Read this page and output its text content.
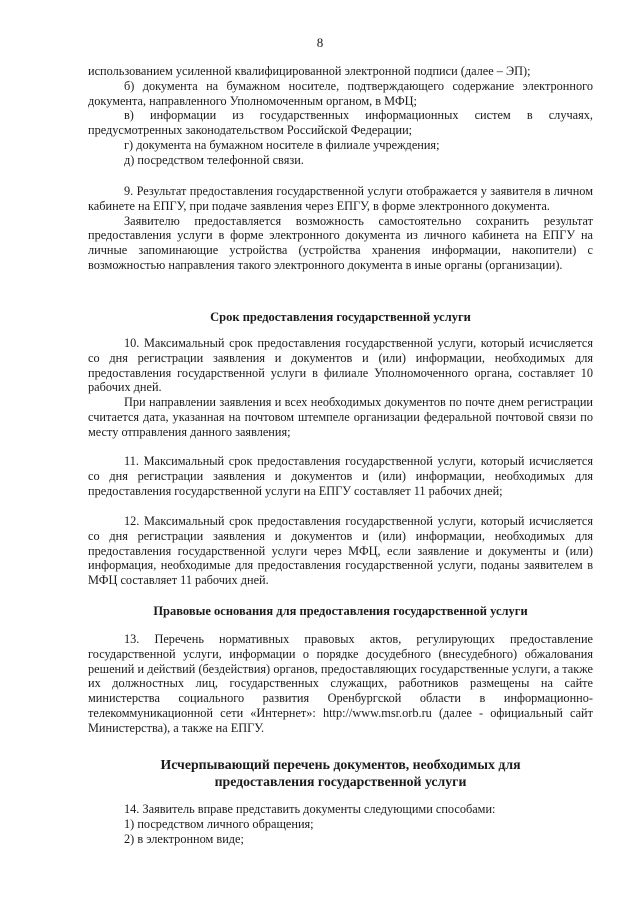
8

использованием усиленной квалифицированной электронной подписи (далее – ЭП);

б) документа на бумажном носителе, подтверждающего содержание электронного документа, направленного Уполномоченным органом, в МФЦ;

в) информации из государственных информационных систем в случаях, предусмотренных законодательством Российской Федерации;

г) документа на бумажном носителе в филиале учреждения;

д) посредством телефонной связи.

9. Результат предоставления государственной услуги отображается у заявителя в личном кабинете на ЕПГУ, при подаче заявления через ЕПГУ, в форме электронного документа.

Заявителю предоставляется возможность самостоятельно сохранить результат предоставления услуги в форме электронного документа из личного кабинета на ЕПГУ на личные запоминающие устройства (устройства хранения информации, накопители) с возможностью направления такого электронного документа в иные органы (организации).

Срок предоставления государственной услуги

10. Максимальный срок предоставления государственной услуги, который исчисляется со дня регистрации заявления и документов и (или) информации, необходимых для предоставления государственной услуги в филиале Уполномоченного органа, составляет 10 рабочих дней.

При направлении заявления и всех необходимых документов по почте днем регистрации считается дата, указанная на почтовом штемпеле организации федеральной почтовой связи по месту отправления данного заявления;

11. Максимальный срок предоставления государственной услуги, который исчисляется со дня регистрации заявления и документов и (или) информации, необходимых для предоставления государственной услуги на ЕПГУ составляет 11 рабочих дней;

12. Максимальный срок предоставления государственной услуги, который исчисляется со дня регистрации заявления и документов и (или) информации, необходимых для предоставления государственной услуги через МФЦ, если заявление и документы и (или) информация, необходимые для предоставления государственной услуги, поданы заявителем в МФЦ составляет 11 рабочих дней.

Правовые основания для предоставления государственной услуги

13. Перечень нормативных правовых актов, регулирующих предоставление государственной услуги, информации о порядке досудебного (внесудебного) обжалования решений и действий (бездействия) органов, предоставляющих государственные услуги, а также их должностных лиц, государственных служащих, работников размещены на сайте министерства социального развития Оренбургской области в информационно-телекоммуникационной сети «Интернет»: http://www.msr.orb.ru (далее - официальный сайт Министерства), а также на ЕПГУ.

Исчерпывающий перечень документов, необходимых для
предоставления государственной услуги

14. Заявитель вправе представить документы следующими способами:

1) посредством личного обращения;

2) в электронном виде;
